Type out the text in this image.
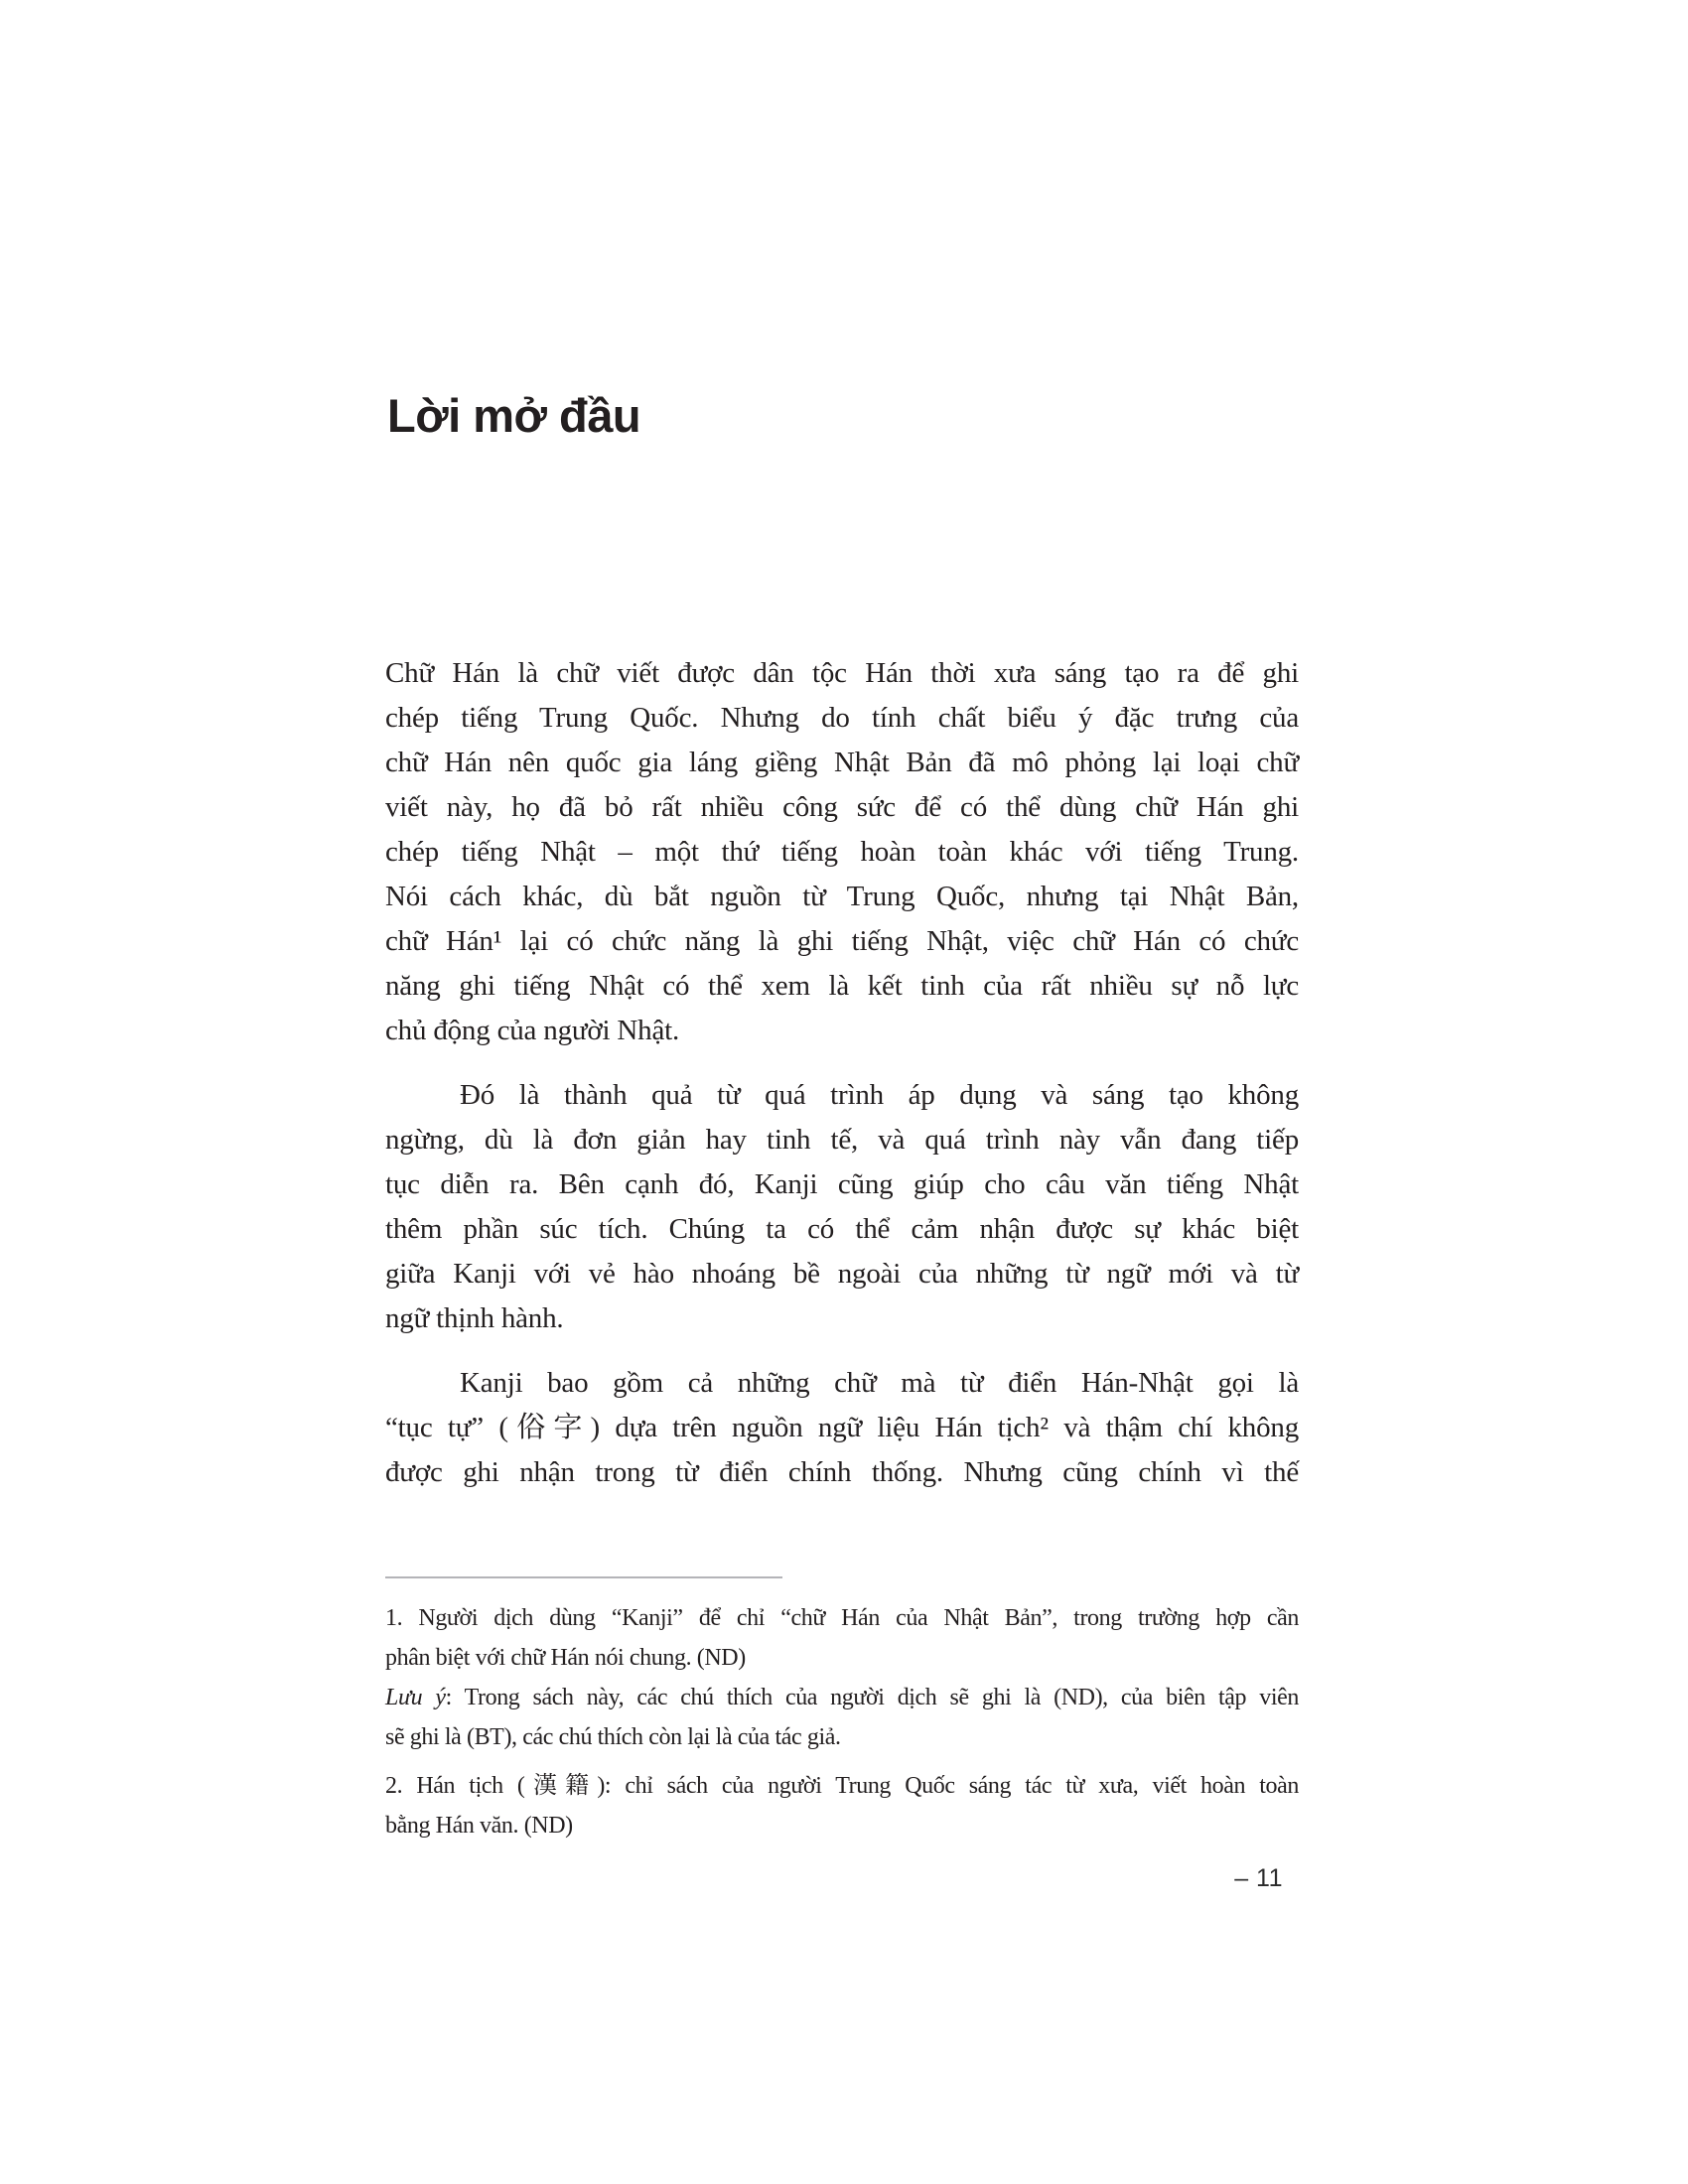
Lời mở đầu
Chữ Hán là chữ viết được dân tộc Hán thời xưa sáng tạo ra để ghi
chép tiếng Trung Quốc. Nhưng do tính chất biểu ý đặc trưng của
chữ Hán nên quốc gia láng giềng Nhật Bản đã mô phỏng lại loại chữ
viết này, họ đã bỏ rất nhiều công sức để có thể dùng chữ Hán ghi
chép tiếng Nhật – một thứ tiếng hoàn toàn khác với tiếng Trung.
Nói cách khác, dù bắt nguồn từ Trung Quốc, nhưng tại Nhật Bản,
chữ Hán¹ lại có chức năng là ghi tiếng Nhật, việc chữ Hán có chức
năng ghi tiếng Nhật có thể xem là kết tinh của rất nhiều sự nỗ lực
chủ động của người Nhật.
Đó là thành quả từ quá trình áp dụng và sáng tạo không
ngừng, dù là đơn giản hay tinh tế, và quá trình này vẫn đang tiếp
tục diễn ra. Bên cạnh đó, Kanji cũng giúp cho câu văn tiếng Nhật
thêm phần súc tích. Chúng ta có thể cảm nhận được sự khác biệt
giữa Kanji với vẻ hào nhoáng bề ngoài của những từ ngữ mới và từ
ngữ thịnh hành.
Kanji bao gồm cả những chữ mà từ điển Hán-Nhật gọi là
“tục tự” (俗字) dựa trên nguồn ngữ liệu Hán tịch² và thậm chí không
được ghi nhận trong từ điển chính thống. Nhưng cũng chính vì thế
1. Người dịch dùng “Kanji” để chỉ “chữ Hán của Nhật Bản”, trong trường hợp cần
phân biệt với chữ Hán nói chung. (ND)
Lưu ý: Trong sách này, các chú thích của người dịch sẽ ghi là (ND), của biên tập viên
sẽ ghi là (BT), các chú thích còn lại là của tác giả.
2. Hán tịch (漢籍): chỉ sách của người Trung Quốc sáng tác từ xưa, viết hoàn toàn
bằng Hán văn. (ND)
– 11
